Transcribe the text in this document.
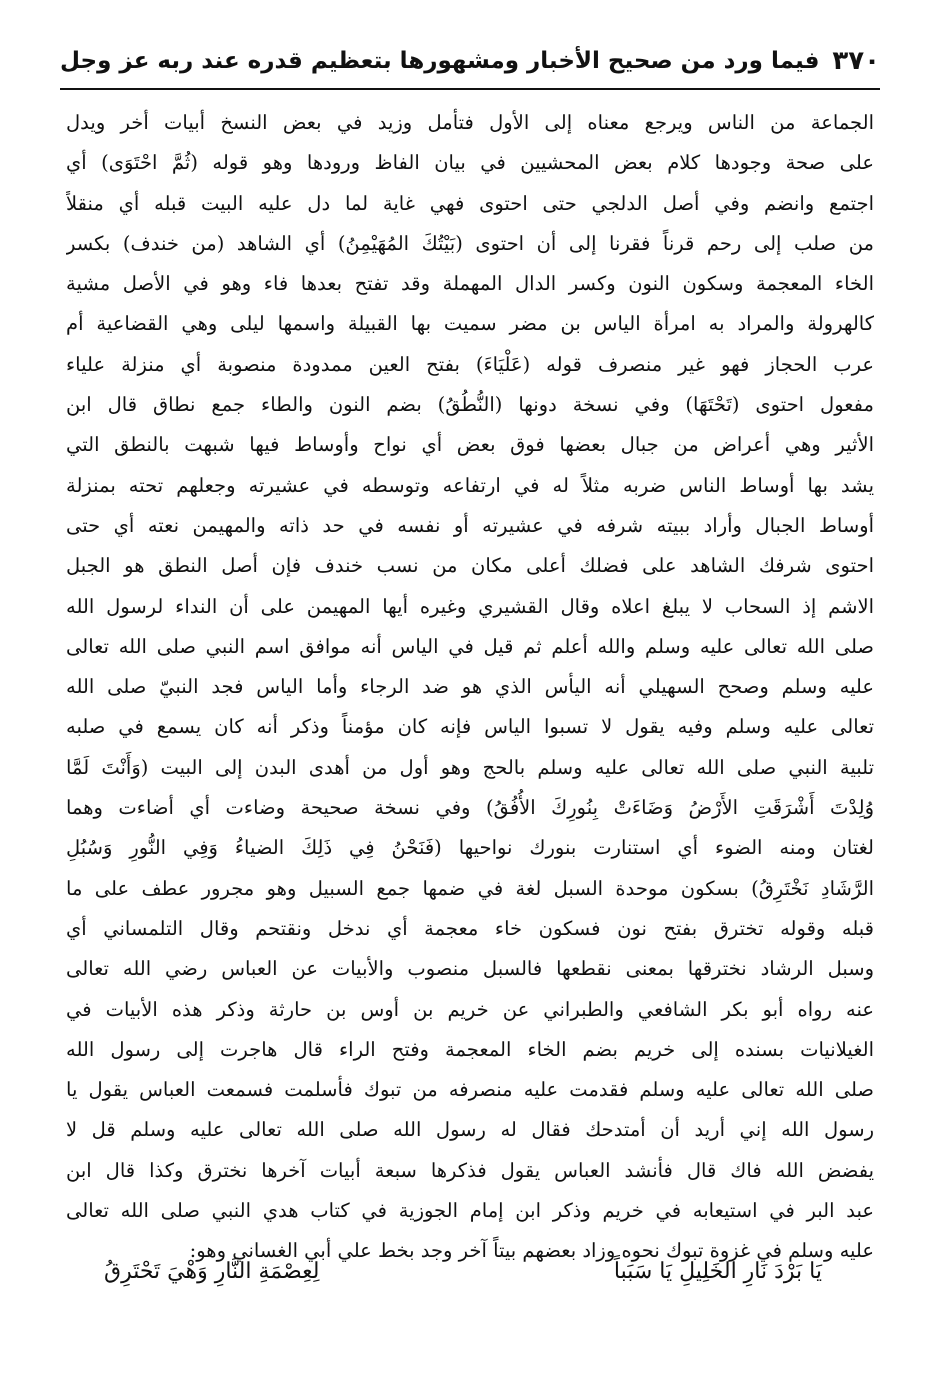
٣٧٠
فيما ورد من صحيح الأخبار ومشهورها بتعظيم قدره عند ربه عز وجل
الجماعة من الناس ويرجع معناه إلى الأول فتأمل وزيد في بعض النسخ أبيات أخر ويدل
على صحة وجودها كلام بعض المحشيين في بيان الفاظ ورودها وهو قوله (ثُمَّ احْتَوَى) أي
اجتمع وانضم وفي أصل الدلجي حتى احتوى فهي غاية لما دل عليه البيت قبله أي منقلاً
من صلب إلى رحم قرناً فقرنا إلى أن احتوى (بَيْتُكَ المُهَيْمِنُ) أي الشاهد (من خندف) بكسر
الخاء المعجمة وسكون النون وكسر الدال المهملة وقد تفتح بعدها فاء وهو في الأصل مشية
كالهرولة والمراد به امرأة الياس بن مضر سميت بها القبيلة واسمها ليلى وهي القضاعية أم
عرب الحجاز فهو غير منصرف قوله (عَلْيَاءَ) بفتح العين ممدودة منصوبة أي منزلة علياء
مفعول احتوى (تَحْتَهَا) وفي نسخة دونها (النُّطُقُ) بضم النون والطاء جمع نطاق قال ابن
الأثير وهي أعراض من جبال بعضها فوق بعض أي نواح وأوساط فيها شبهت بالنطق التي
يشد بها أوساط الناس ضربه مثلاً له في ارتفاعه وتوسطه في عشيرته وجعلهم تحته بمنزلة
أوساط الجبال وأراد ببيته شرفه في عشيرته أو نفسه في حد ذاته والمهيمن نعته أي حتى
احتوى شرفك الشاهد على فضلك أعلى مكان من نسب خندف فإن أصل النطق هو الجبل
الاشم إذ السحاب لا يبلغ اعلاه وقال القشيري وغيره أيها المهيمن على أن النداء لرسول الله
صلى الله تعالى عليه وسلم والله أعلم ثم قيل في الياس أنه موافق اسم النبي صلى الله تعالى
عليه وسلم وصحح السهيلي أنه اليأس الذي هو ضد الرجاء وأما الياس فجد النبيّ صلى الله
تعالى عليه وسلم وفيه يقول لا تسبوا الياس فإنه كان مؤمناً وذكر أنه كان يسمع في صلبه
تلبية النبي صلى الله تعالى عليه وسلم بالحج وهو أول من أهدى البدن إلى البيت (وَأَنْتَ لَمَّا
وُلِدْتَ أَشْرَقَتِ الأَرْضُ وَضَاءَتْ بِنُورِكَ الأُفُقُ) وفي نسخة صحيحة وضاءت أي أضاءت وهما
لغتان ومنه الضوء أي استنارت بنورك نواحيها (فَنَحْنُ فِي ذَلِكَ الضياءُ وَفِي النُّورِ وَسُبُلِ
الرَّشَادِ نَخْتَرِقُ) بسكون موحدة السبل لغة في ضمها جمع السبيل وهو مجرور عطف على ما
قبله وقوله تخترق بفتح نون فسكون خاء معجمة أي ندخل ونقتحم وقال التلمساني أي
وسبل الرشاد نخترقها بمعنى نقطعها فالسبل منصوب والأبيات عن العباس رضي الله تعالى
عنه رواه أبو بكر الشافعي والطبراني عن خريم بن أوس بن حارثة وذكر هذه الأبيات في
الغيلانيات بسنده إلى خريم بضم الخاء المعجمة وفتح الراء قال هاجرت إلى رسول الله
صلى الله تعالى عليه وسلم فقدمت عليه منصرفه من تبوك فأسلمت فسمعت العباس يقول يا
رسول الله إني أريد أن أمتدحك فقال له رسول الله صلى الله تعالى عليه وسلم قل لا
يفضض الله فاك قال فأنشد العباس يقول فذكرها سبعة أبيات آخرها نخترق وكذا قال ابن
عبد البر في استيعابه في خريم وذكر ابن إمام الجوزية في كتاب هدي النبي صلى الله تعالى
عليه وسلم في غزوة تبوك نحوه وزاد بعضهم بيتاً آخر وجد بخط علي أبي الغساني وهو:
يَا بَرْدَ نَارِ الخَلِيلِ يَا سَبَباً
لِعِصْمَةِ النَّارِ وَهْيَ تَحْتَرِقُ
